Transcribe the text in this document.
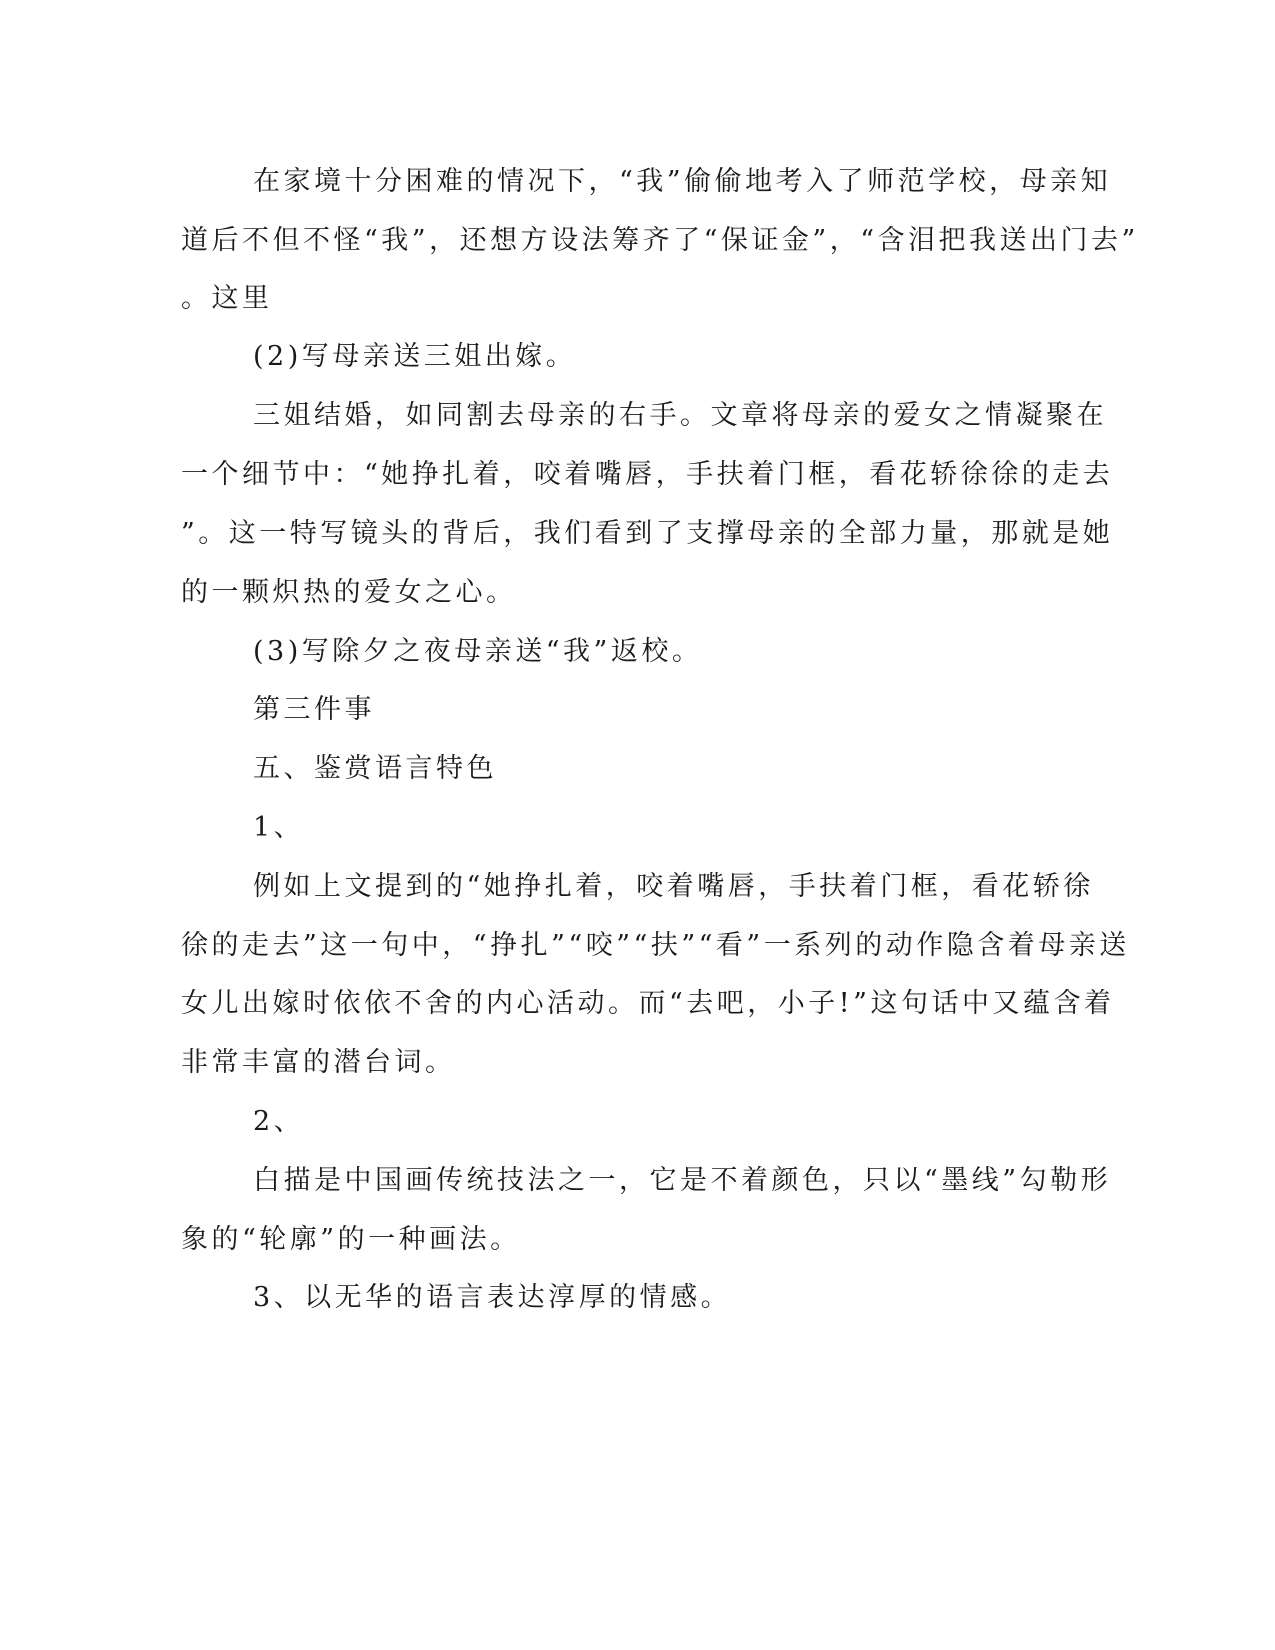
在家境十分困难的情况下，“我”偷偷地考入了师范学校，母亲知
道后不但不怪“我”，还想方设法筹齐了“保证金”，“含泪把我送出门去”
。这里
(2)写母亲送三姐出嫁。
三姐结婚，如同割去母亲的右手。文章将母亲的爱女之情凝聚在
一个细节中：“她挣扎着，咬着嘴唇，手扶着门框，看花轿徐徐的走去
”。这一特写镜头的背后，我们看到了支撑母亲的全部力量，那就是她
的一颗炽热的爱女之心。
(3)写除夕之夜母亲送“我”返校。
第三件事
五、鉴赏语言特色
1、
例如上文提到的“她挣扎着，咬着嘴唇，手扶着门框，看花轿徐
徐的走去”这一句中，“挣扎”“咬”“扶”“看”一系列的动作隐含着母亲送
女儿出嫁时依依不舍的内心活动。而“去吧，小子!”这句话中又蕴含着
非常丰富的潜台词。
2、
白描是中国画传统技法之一，它是不着颜色，只以“墨线”勾勒形
象的“轮廓”的一种画法。
3、以无华的语言表达淳厚的情感。
